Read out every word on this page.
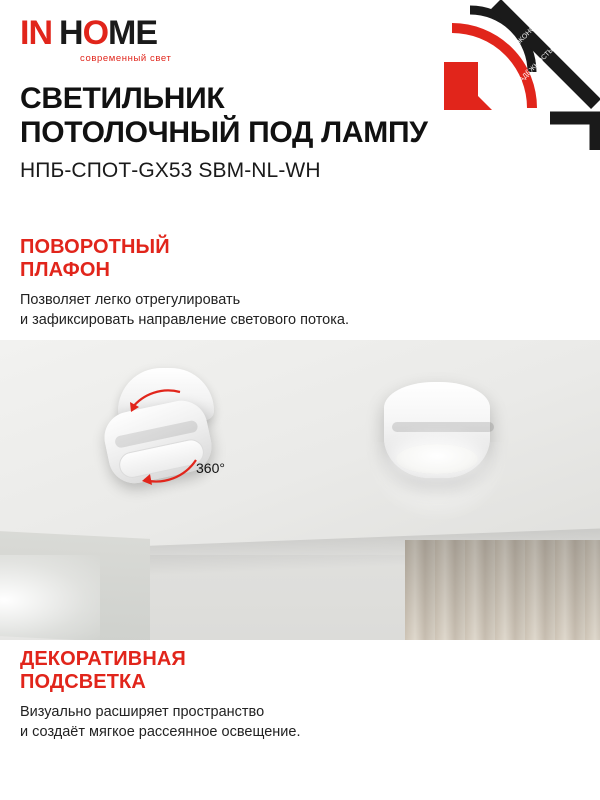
ЭКОНОМИЯ
НАДЁЖНОСТЬ
IN HOME
современный свет
СВЕТИЛЬНИК
ПОТОЛОЧНЫЙ ПОД ЛАМПУ
НПБ-СПОТ-GX53 SBM-NL-WH
ПОВОРОТНЫЙ
ПЛАФОН
Позволяет легко отрегулировать
и зафиксировать направление светового потока.
360°
ДЕКОРАТИВНАЯ
ПОДСВЕТКА
Визуально расширяет пространство
и создаёт мягкое рассеянное освещение.
